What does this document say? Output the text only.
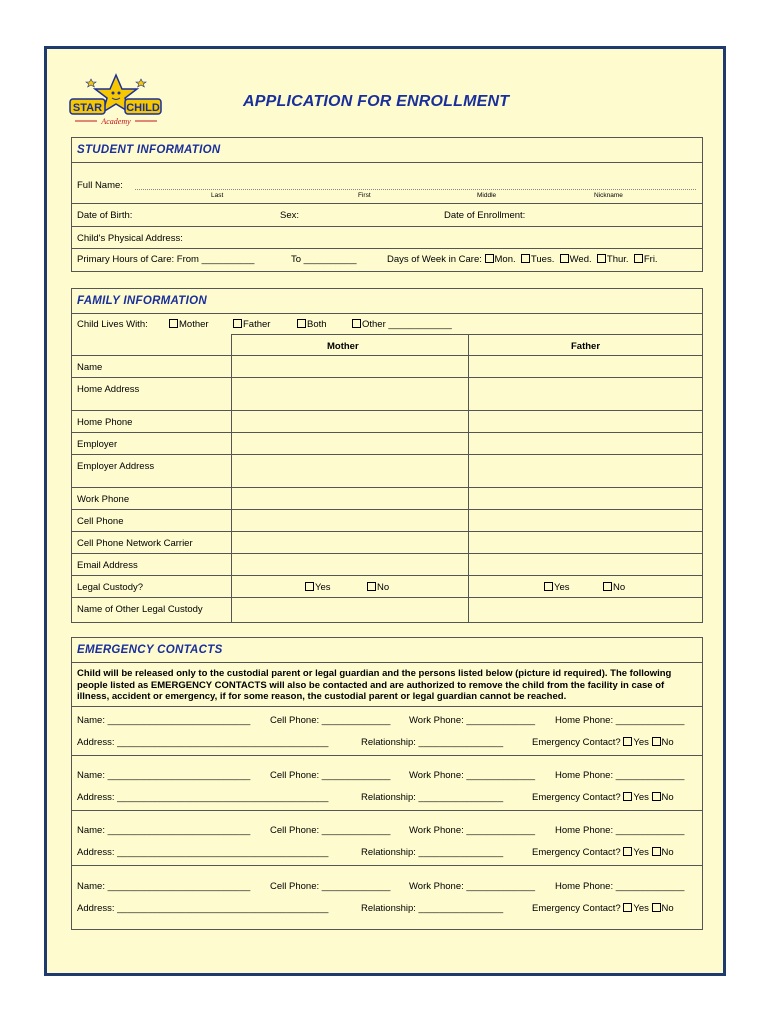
STAR CHILD
Academy
APPLICATION FOR ENROLLMENT
STUDENT INFORMATION
Full Name:
Last	First	Middle	Nickname
Date of Birth:	Sex:	Date of Enrollment:
Child's Physical Address:
Primary Hours of Care: From __________	To __________	Days of Week in Care: Mon. Tues. Wed. Thur. Fri.
FAMILY INFORMATION
Child Lives With:	Mother	Father	Both	Other ____________
Mother	Father
Name
Home Address
Home Phone
Employer
Employer Address
Work Phone
Cell Phone
Cell Phone Network Carrier
Email Address
Legal Custody?	Yes	No	Yes	No
Name of Other Legal Custody
EMERGENCY CONTACTS
Child will be released only to the custodial parent or legal guardian and the persons listed below (picture id required). The following people listed as EMERGENCY CONTACTS will also be contacted and are authorized to remove the child from the facility in case of illness, accident or emergency, if for some reason, the custodial parent or legal guardian cannot be reached.
Name: ___________________________ Cell Phone: _____________ Work Phone: _____________ Home Phone: _____________
Address: ________________________________________	Relationship: ________________	Emergency Contact? Yes No
Name: ___________________________ Cell Phone: _____________ Work Phone: _____________ Home Phone: _____________
Address: ________________________________________	Relationship: ________________	Emergency Contact? Yes No
Name: ___________________________ Cell Phone: _____________ Work Phone: _____________ Home Phone: _____________
Address: ________________________________________	Relationship: ________________	Emergency Contact? Yes No
Name: ___________________________ Cell Phone: _____________ Work Phone: _____________ Home Phone: _____________
Address: ________________________________________	Relationship: ________________	Emergency Contact? Yes No
